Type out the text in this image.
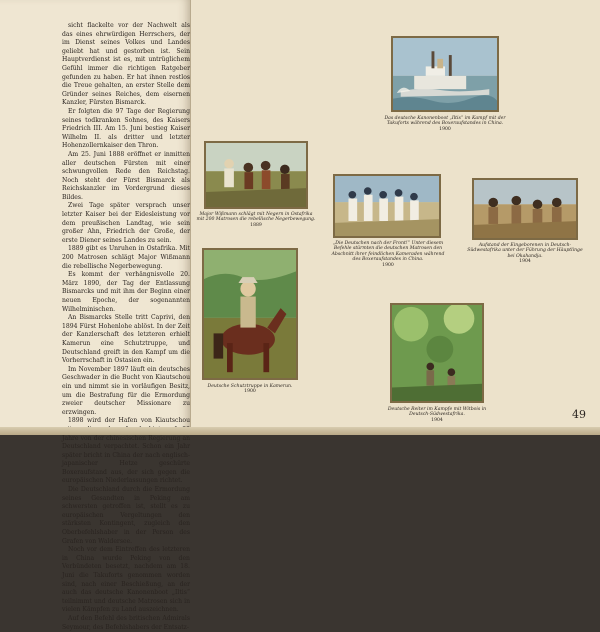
sicht flackelte vor der Nachwelt als das eines ehrwürdigen Herrschers, der im Dienst seines Volkes und Landes geliebt hat und gestorben ist. Sein Hauptverdienst ist es, mit untrüglichem Gefühl immer die richtigen Ratgeber gefunden zu haben. Er hat ihnen restlos die Treue gehalten, an erster Stelle dem Gründer seines Reiches, dem eisernen Kanzler, Fürsten Bismarck.

Er folgten die 97 Tage der Regierung seines todkranken Sohnes, des Kaisers Friedrich III. Am 15. Juni bestieg Kaiser Wilhelm II. als dritter und letzter Hohenzollernkaiser den Thron.

Am 25. Juni 1888 eröffnet er inmitten aller deutschen Fürsten mit einer schwungvollen Rede den Reichstag. Noch steht der Fürst Bismarck als Reichskanzler im Vordergrund dieses Bildes.

Zwei Tage später versprach unser letzter Kaiser bei der Eidesleistung vor dem preußischen Landtag, wie sein großer Ahn, Friedrich der Große, der erste Diener seines Landes zu sein.

1889 gibt es Unruhen in Ostafrika. Mit 200 Matrosen schlägt Major Wißmann die rebellische Negerbewegung.

Es kommt der verhängnisvolle 20. März 1890, der Tag der Entlassung Bismarcks und mit ihm der Beginn einer neuen Epoche, der sogenannten Wilhelminischen.

An Bismarcks Stelle tritt Caprivi, den 1894 Fürst Hohenlohe ablöst. In der Zeit der Kanzlerschaft des letzteren erhielt Kamerun eine Schutztruppe, und Deutschland greift in den Kampf um die Vorherrschaft in Ostasien ein.

Im November 1897 läuft ein deutsches Geschwader in die Bucht von Kiautschou ein und nimmt sie in vorläufigen Besitz, um die Bestrafung für die Ermordung zweier deutscher Missionare zu erzwingen.

1898 wird der Hafen von Kiautschou Jahre von der chinesischen Regierung an Deutschland verpachtet. Schon ein Jahr später bricht in China der nach englisch-japanischer Hetze geschürte Boxeraufstand aus, der sich gegen die europäischen Niederlassungen richtet.

Die Deutschland durch die Ermordung seines Gesandten in Peking am schwersten getroffen ist, stellt es zu europäischen Vergeltungen den stärksten Kontingent, zugleich den Oberbefehlshaber in der Person des Grafen von Waldersee.

Noch vor dem Eintreffen des letzteren in China wurde Peking von den Verbündeten besetzt, nachdem am 18. Juni die Takuforts genommen worden sind, nach einer Beschießung, an der auch das deutsche Kanonenboot „Iltis“ teilnimmt und deutsche Matrosen sich in vielen Kämpfen zu Land auszeichnen.

Auf den Befehl des britischen Admirals Seymour, des Befehlshabers der Entsatz-

Das deutsche Kanonenboot „Iltis“ im Kampf mit der Takuforts während des Boxeraufstandes in China.
1900
Major Wißmann schlägt mit Negern in Ostafrika mit 200 Matrosen die rebellische Negerbewegung.
1889
„Die Deutschen nach der Front!“ Unter diesem Befehle stürmten die deutschen Matrosen den Abschnitt ihrer feindlichen Kameraden während des Boxeraufstandes in China.
1900
Aufstand der Eingeborenen in Deutsch-Südwestafrika unter der Führung der Häuptlinge bei Okahandja.
1904
Deutsche Schutztruppe in Kamerun.
1900
Deutsche Reiter im Kampfe mit Witbois in Deutsch-Südwestafrika.
1904	49
